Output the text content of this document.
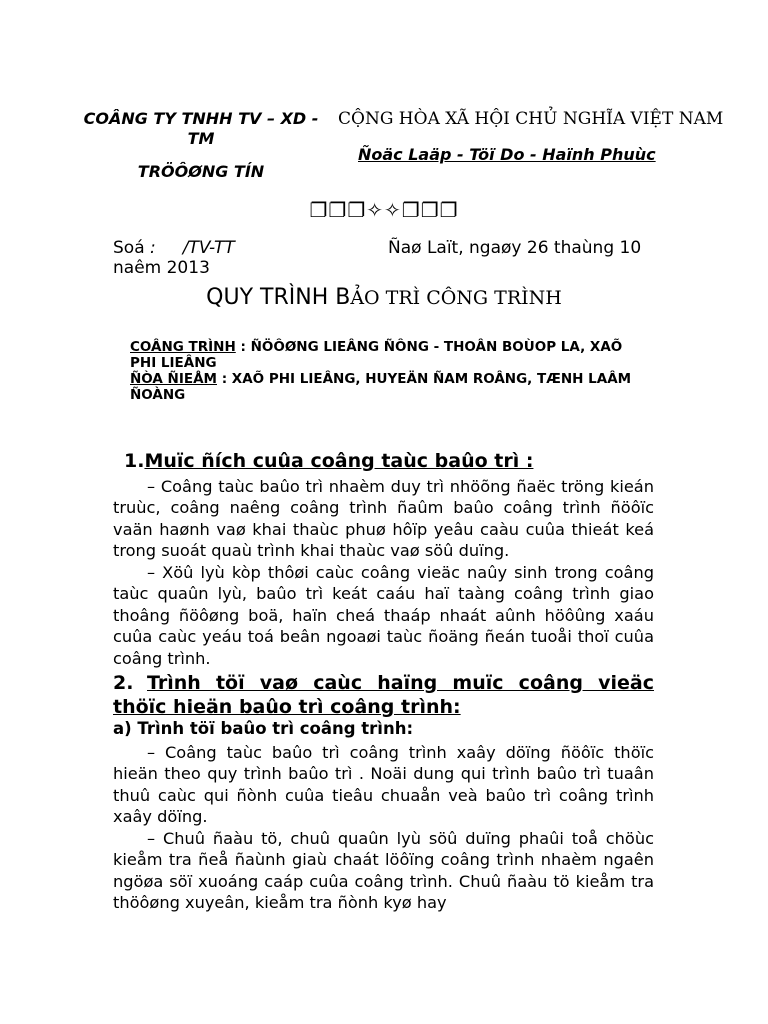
COÂNG TY TNHH TV – XD - TM
TRÖÔØNG TÍN
CỘNG HÒA XÃ HỘI CHỦ NGHĨA VIỆT NAM
Ñoäc Laäp - Töï Do - Haïnh Phuùc
❐❐❐✧✧❐❐❐
Soá : /TV-TT	Ñaø Laït, ngaøy 26 thaùng 10
naêm 2013
QUY TRÌNH BẢO TRÌ CÔNG TRÌNH
COÂNG TRÌNH : ÑÖÔØNG LIEÂNG ÑÔNG - THOÂN BOÙOP LA, XAÕ PHI LIEÂNG
ÑÒA ÑIEÅM : XAÕ PHI LIEÂNG, HUYEÄN ÑAM ROÂNG, TÆNH LAÂM ÑOÀNG
1.Muïc ñích cuûa coâng taùc baûo trì :
– Coâng taùc baûo trì nhaèm duy trì nhöõng ñaëc tröng kieán truùc, coâng naêng coâng trình ñaûm baûo coâng trình ñöôïc vaän haønh vaø khai thaùc phuø hôïp yeâu caàu cuûa thieát keá trong suoát quaù trình khai thaùc vaø söû duïng.
– Xöû lyù kòp thôøi caùc coâng vieäc naûy sinh trong coâng taùc quaûn lyù, baûo trì keát caáu haï taàng coâng trình giao thoâng ñöôøng boä, haïn cheá thaáp nhaát aûnh höôûng xaáu cuûa caùc yeáu toá beân ngoaøi taùc ñoäng ñeán tuoåi thoï cuûa coâng trình.
2. Trình töï vaø caùc haïng muïc coâng vieäc thöïc hieän baûo trì coâng trình:
a) Trình töï baûo trì coâng trình:
– Coâng taùc baûo trì coâng trình xaây döïng ñöôïc thöïc hieän theo quy trình baûo trì . Noäi dung qui trình baûo trì tuaân thuû caùc qui ñònh cuûa tieâu chuaån veà baûo trì coâng trình xaây döïng.
– Chuû ñaàu tö, chuû quaûn lyù söû duïng phaûi toå chöùc kieåm tra ñeå ñaùnh giaù chaát löôïng coâng trình nhaèm ngaên ngöøa söï xuoáng caáp cuûa coâng trình. Chuû ñaàu tö kieåm tra thöôøng xuyeân, kieåm tra ñònh kyø hay
